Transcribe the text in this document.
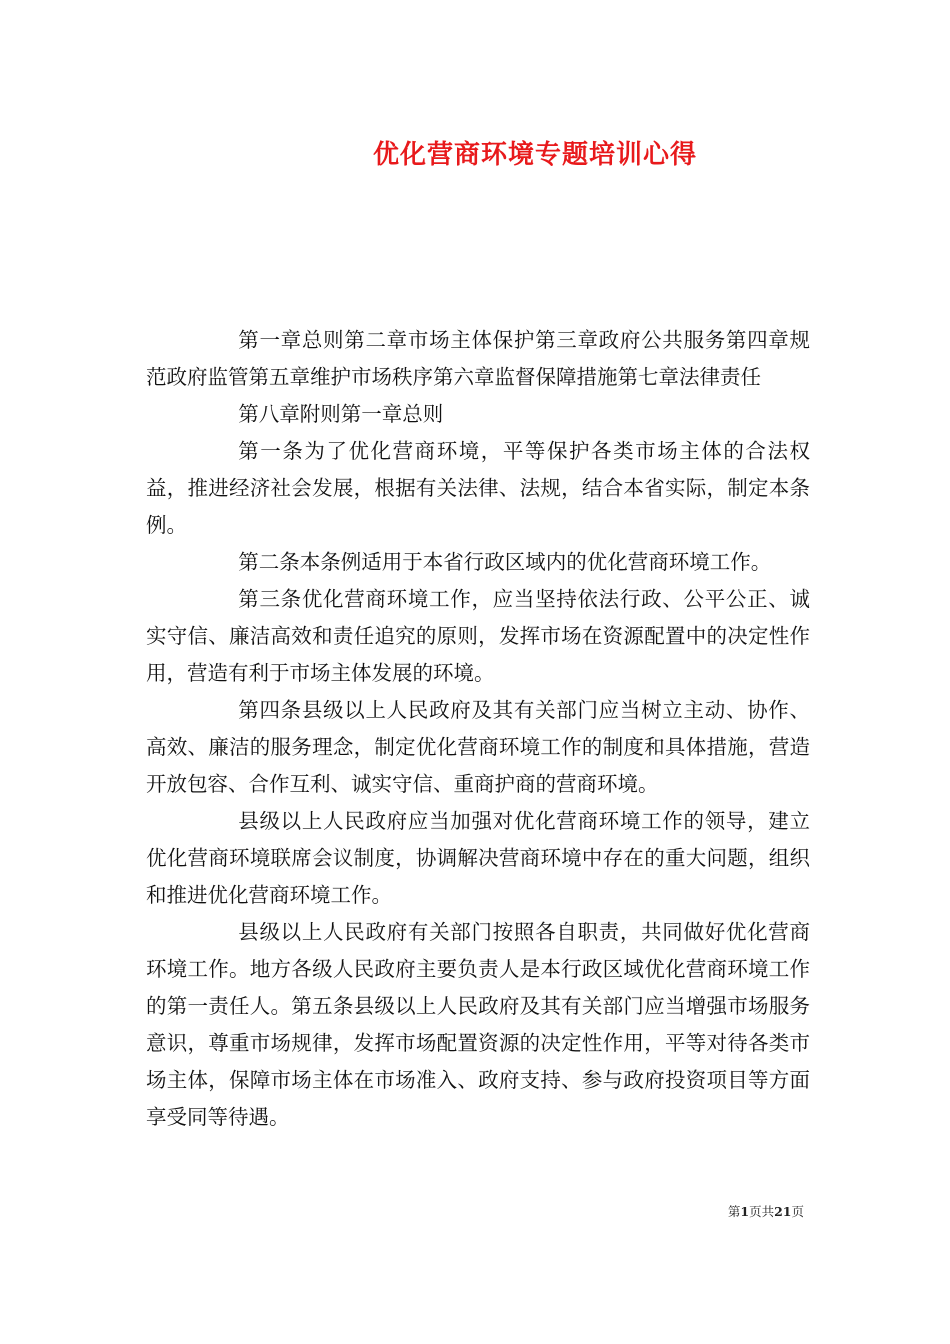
优化营商环境专题培训心得

第一章总则第二章市场主体保护第三章政府公共服务第四章规范政府监管第五章维护市场秩序第六章监督保障措施第七章法律责任

第八章附则第一章总则

第一条为了优化营商环境，平等保护各类市场主体的合法权益，推进经济社会发展，根据有关法律、法规，结合本省实际，制定本条例。

第二条本条例适用于本省行政区域内的优化营商环境工作。

第三条优化营商环境工作，应当坚持依法行政、公平公正、诚实守信、廉洁高效和责任追究的原则，发挥市场在资源配置中的决定性作用，营造有利于市场主体发展的环境。

第四条县级以上人民政府及其有关部门应当树立主动、协作、高效、廉洁的服务理念，制定优化营商环境工作的制度和具体措施，营造开放包容、合作互利、诚实守信、重商护商的营商环境。

县级以上人民政府应当加强对优化营商环境工作的领导，建立优化营商环境联席会议制度，协调解决营商环境中存在的重大问题，组织和推进优化营商环境工作。

县级以上人民政府有关部门按照各自职责，共同做好优化营商环境工作。地方各级人民政府主要负责人是本行政区域优化营商环境工作的第一责任人。第五条县级以上人民政府及其有关部门应当增强市场服务意识，尊重市场规律，发挥市场配置资源的决定性作用，平等对待各类市场主体，保障市场主体在市场准入、政府支持、参与政府投资项目等方面享受同等待遇。

第1页共21页
